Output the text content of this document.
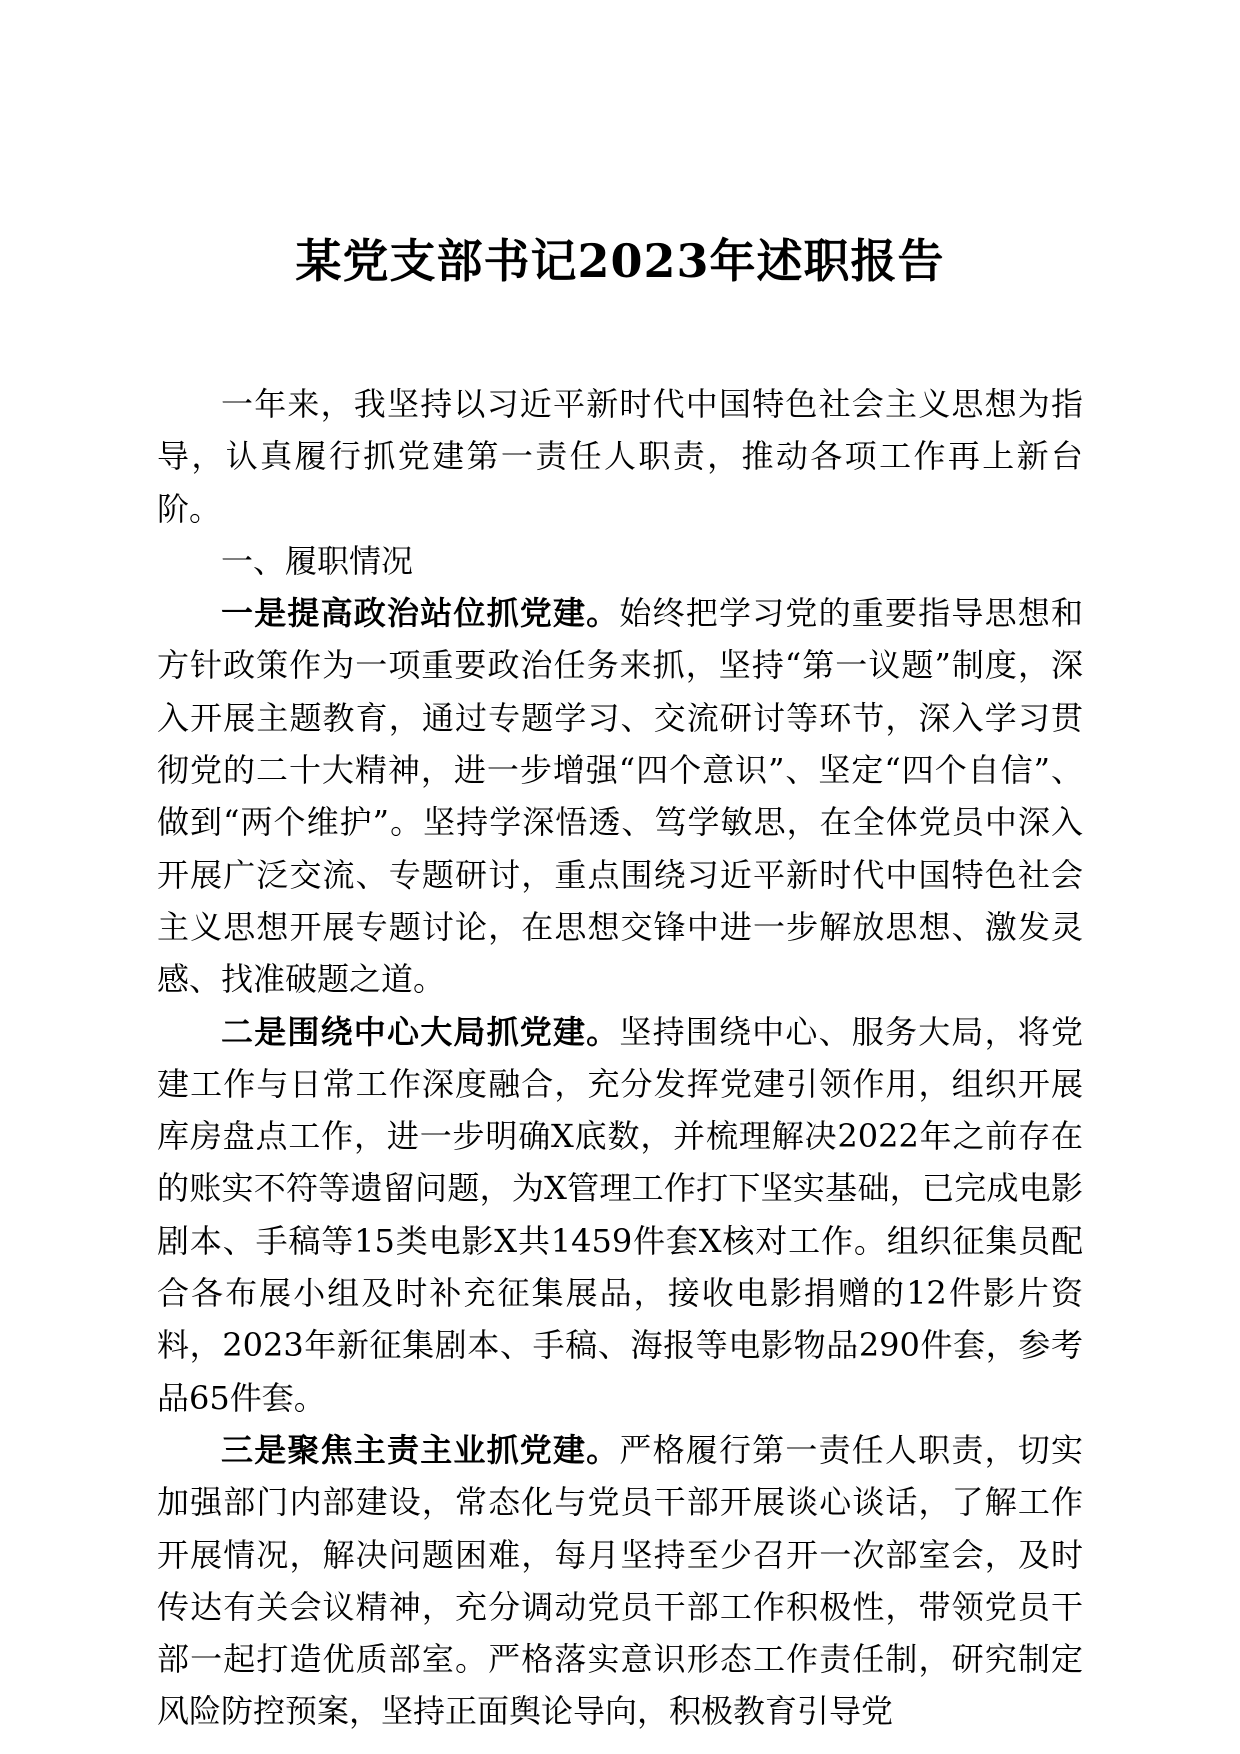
某党支部书记2023年述职报告

一年来，我坚持以习近平新时代中国特色社会主义思想为指导，认真履行抓党建第一责任人职责，推动各项工作再上新台阶。

一、履职情况

一是提高政治站位抓党建。始终把学习党的重要指导思想和方针政策作为一项重要政治任务来抓，坚持“第一议题”制度，深入开展主题教育，通过专题学习、交流研讨等环节，深入学习贯彻党的二十大精神，进一步增强“四个意识”、坚定“四个自信”、做到“两个维护”。坚持学深悟透、笃学敏思，在全体党员中深入开展广泛交流、专题研讨，重点围绕习近平新时代中国特色社会主义思想开展专题讨论，在思想交锋中进一步解放思想、激发灵感、找准破题之道。

二是围绕中心大局抓党建。坚持围绕中心、服务大局，将党建工作与日常工作深度融合，充分发挥党建引领作用，组织开展库房盘点工作，进一步明确X底数，并梳理解决2022年之前存在的账实不符等遗留问题，为X管理工作打下坚实基础，已完成电影剧本、手稿等15类电影X共1459件套X核对工作。组织征集员配合各布展小组及时补充征集展品，接收电影捐赠的12件影片资料，2023年新征集剧本、手稿、海报等电影物品290件套，参考品65件套。

三是聚焦主责主业抓党建。严格履行第一责任人职责，切实加强部门内部建设，常态化与党员干部开展谈心谈话，了解工作开展情况，解决问题困难，每月坚持至少召开一次部室会，及时传达有关会议精神，充分调动党员干部工作积极性，带领党员干部一起打造优质部室。严格落实意识形态工作责任制，研究制定风险防控预案，坚持正面舆论导向，积极教育引导党
